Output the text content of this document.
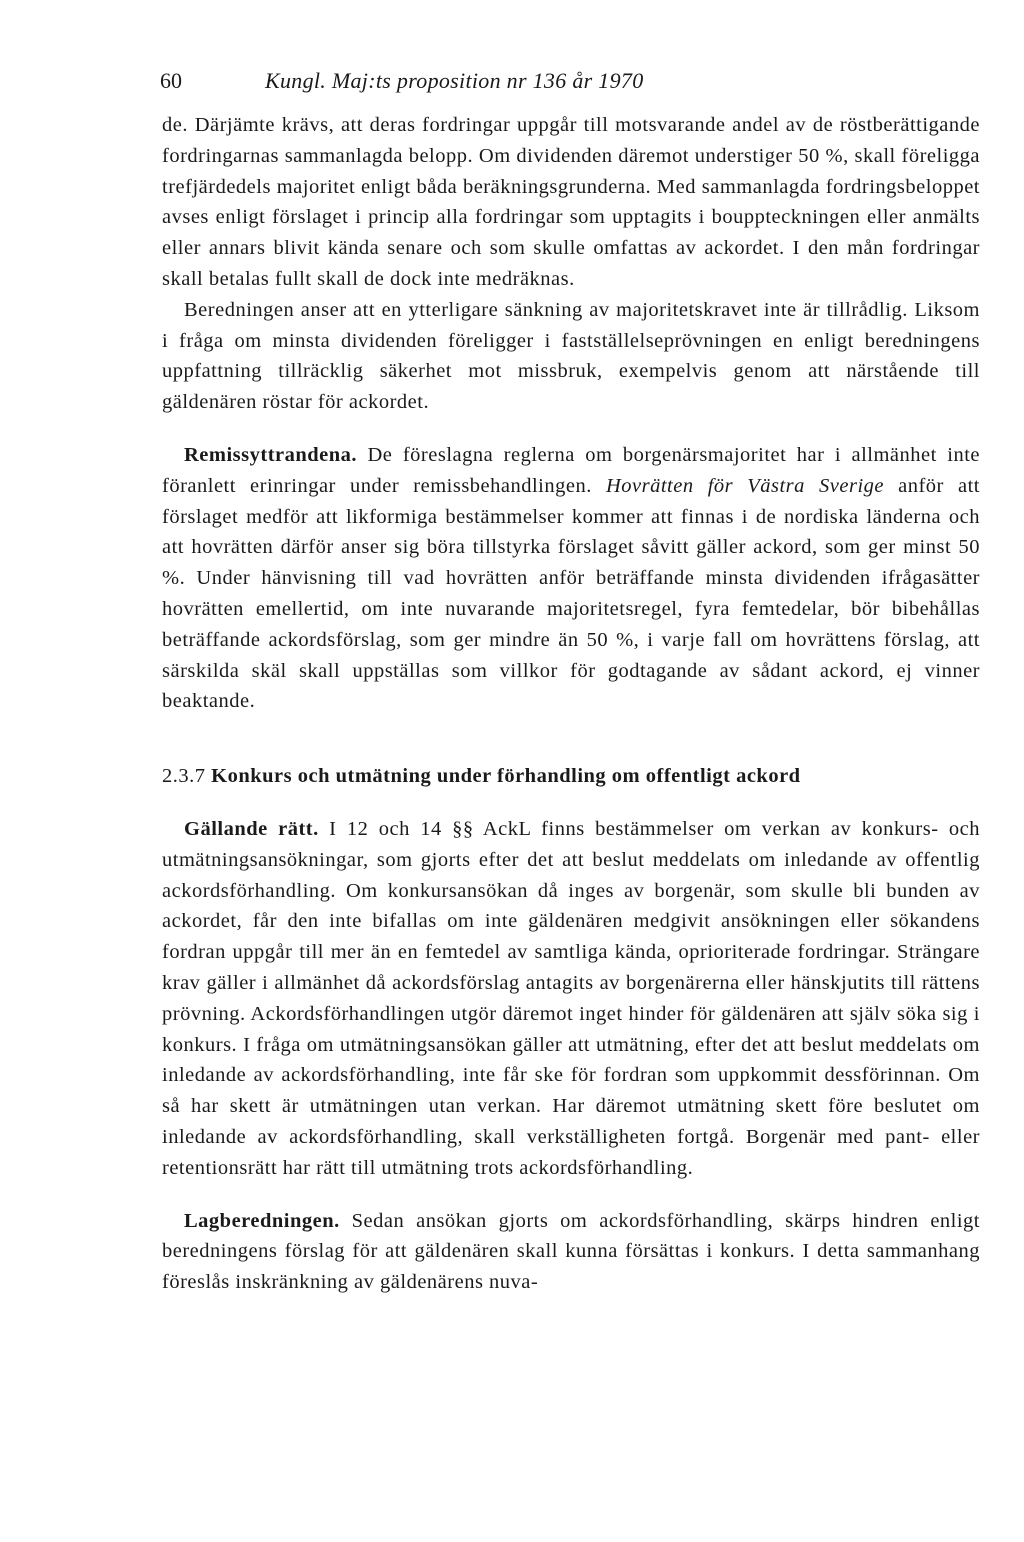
60	Kungl. Maj:ts proposition nr 136 år 1970

de. Därjämte krävs, att deras fordringar uppgår till motsvarande andel av de röstberättigande fordringarnas sammanlagda belopp. Om dividenden däremot understiger 50 %, skall föreligga trefjärdedels majoritet enligt båda beräkningsgrunderna. Med sammanlagda fordringsbeloppet avses enligt förslaget i princip alla fordringar som upptagits i bouppteckningen eller anmälts eller annars blivit kända senare och som skulle omfattas av ackordet. I den mån fordringar skall betalas fullt skall de dock inte medräknas.

Beredningen anser att en ytterligare sänkning av majoritetskravet inte är tillrådlig. Liksom i fråga om minsta dividenden föreligger i fastställelseprövningen en enligt beredningens uppfattning tillräcklig säkerhet mot missbruk, exempelvis genom att närstående till gäldenären röstar för ackordet.

Remissyttrandena. De föreslagna reglerna om borgenärsmajoritet har i allmänhet inte föranlett erinringar under remissbehandlingen. Hovrätten för Västra Sverige anför att förslaget medför att likformiga bestämmelser kommer att finnas i de nordiska länderna och att hovrätten därför anser sig böra tillstyrka förslaget såvitt gäller ackord, som ger minst 50 %. Under hänvisning till vad hovrätten anför beträffande minsta dividenden ifrågasätter hovrätten emellertid, om inte nuvarande majoritetsregel, fyra femtedelar, bör bibehållas beträffande ackordsförslag, som ger mindre än 50 %, i varje fall om hovrättens förslag, att särskilda skäl skall uppställas som villkor för godtagande av sådant ackord, ej vinner beaktande.

2.3.7 Konkurs och utmätning under förhandling om offentligt ackord

Gällande rätt. I 12 och 14 §§ AckL finns bestämmelser om verkan av konkurs- och utmätningsansökningar, som gjorts efter det att beslut meddelats om inledande av offentlig ackordsförhandling. Om konkursansökan då inges av borgenär, som skulle bli bunden av ackordet, får den inte bifallas om inte gäldenären medgivit ansökningen eller sökandens fordran uppgår till mer än en femtedel av samtliga kända, oprioriterade fordringar. Strängare krav gäller i allmänhet då ackordsförslag antagits av borgenärerna eller hänskjutits till rättens prövning. Ackordsförhandlingen utgör däremot inget hinder för gäldenären att själv söka sig i konkurs. I fråga om utmätningsansökan gäller att utmätning, efter det att beslut meddelats om inledande av ackordsförhandling, inte får ske för fordran som uppkommit dessförinnan. Om så har skett är utmätningen utan verkan. Har däremot utmätning skett före beslutet om inledande av ackordsförhandling, skall verkställigheten fortgå. Borgenär med pant- eller retentionsrätt har rätt till utmätning trots ackordsförhandling.

Lagberedningen. Sedan ansökan gjorts om ackordsförhandling, skärps hindren enligt beredningens förslag för att gäldenären skall kunna försättas i konkurs. I detta sammanhang föreslås inskränkning av gäldenärens nuva-
